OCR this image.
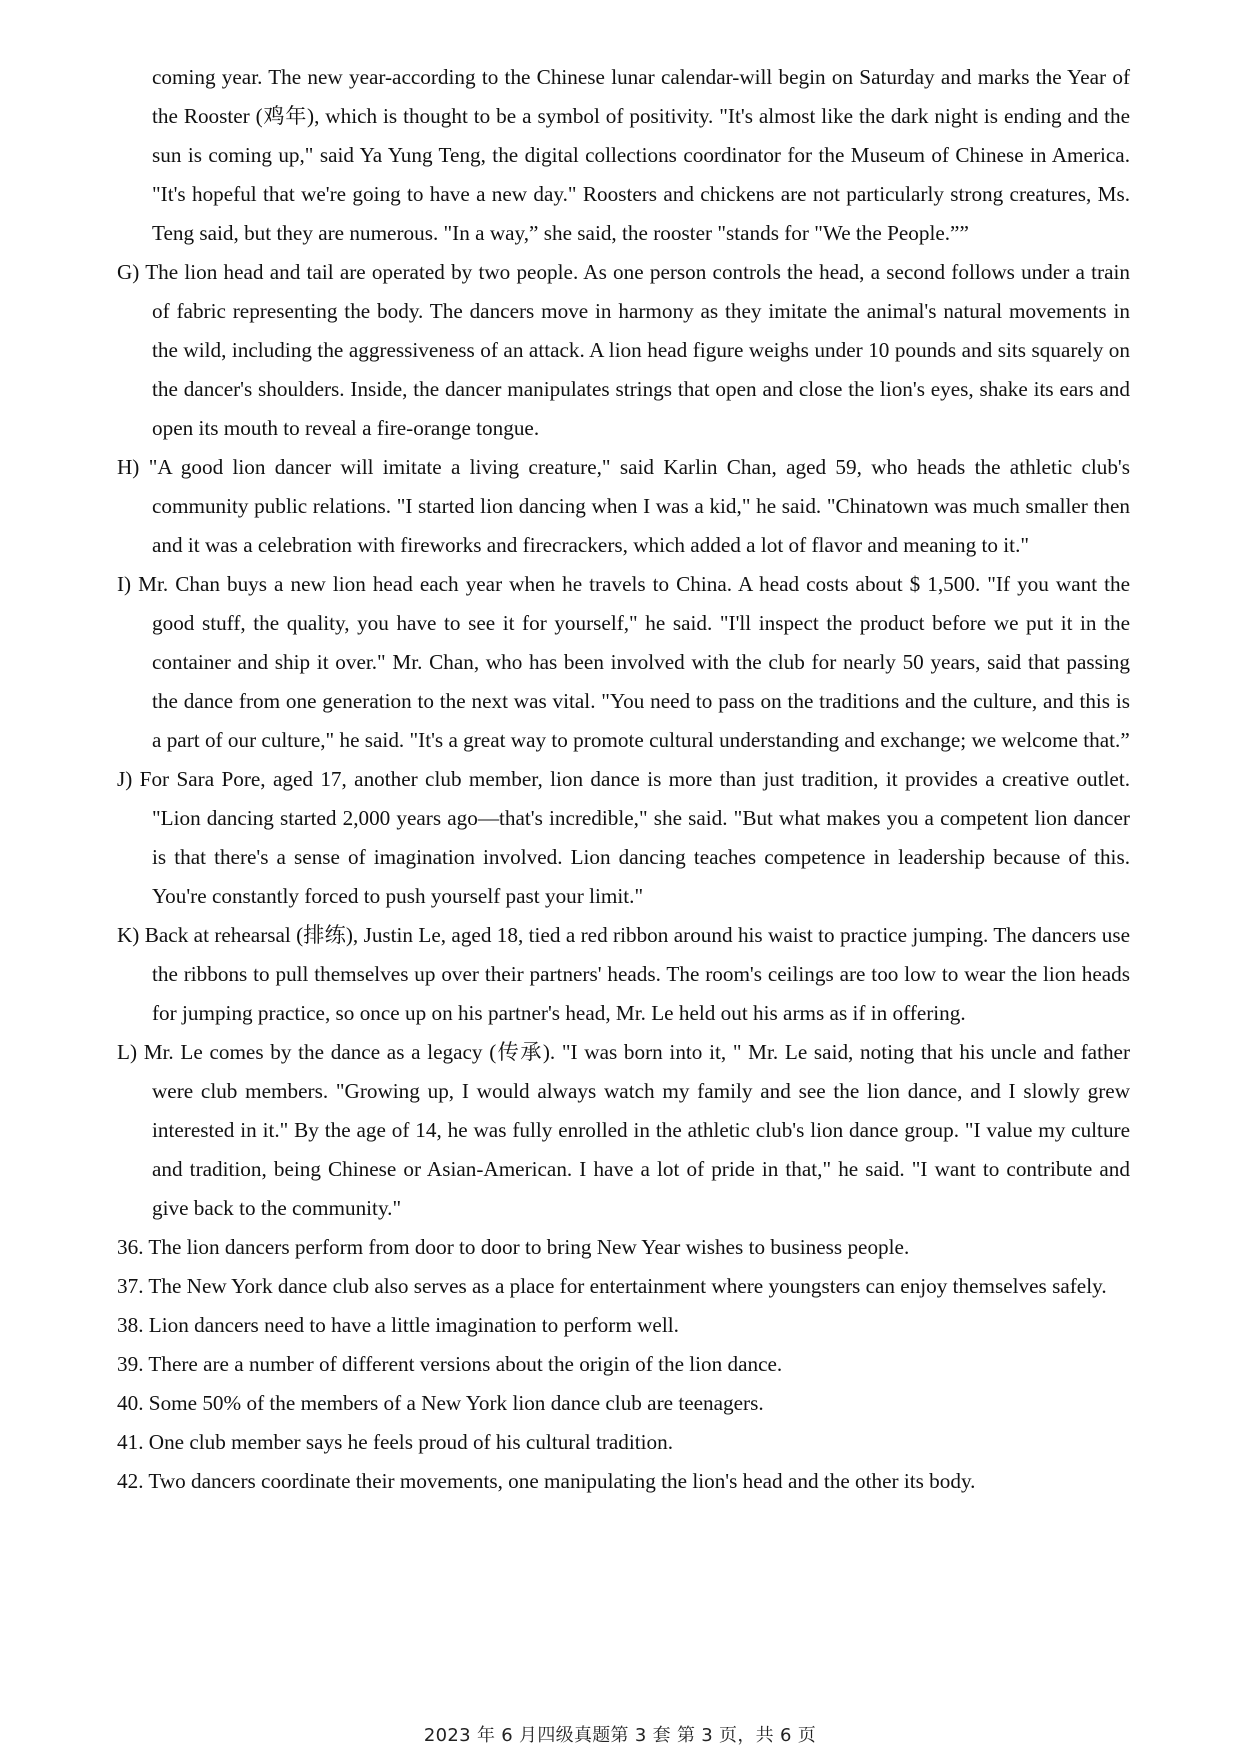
coming year. The new year-according to the Chinese lunar calendar-will begin on Saturday and marks the Year of the Rooster (鸡年), which is thought to be a symbol of positivity. "It's almost like the dark night is ending and the sun is coming up," said Ya Yung Teng, the digital collections coordinator for the Museum of Chinese in America. "It's hopeful that we're going to have a new day." Roosters and chickens are not particularly strong creatures, Ms. Teng said, but they are numerous. "In a way,” she said, the rooster "stands for "We the People.””

G) The lion head and tail are operated by two people. As one person controls the head, a second follows under a train of fabric representing the body. The dancers move in harmony as they imitate the animal's natural movements in the wild, including the aggressiveness of an attack. A lion head figure weighs under 10 pounds and sits squarely on the dancer's shoulders. Inside, the dancer manipulates strings that open and close the lion's eyes, shake its ears and open its mouth to reveal a fire-orange tongue.

H) "A good lion dancer will imitate a living creature," said Karlin Chan, aged 59, who heads the athletic club's community public relations. "I started lion dancing when I was a kid," he said. "Chinatown was much smaller then and it was a celebration with fireworks and firecrackers, which added a lot of flavor and meaning to it."

I) Mr. Chan buys a new lion head each year when he travels to China. A head costs about $ 1,500. "If you want the good stuff, the quality, you have to see it for yourself," he said. "I'll inspect the product before we put it in the container and ship it over." Mr. Chan, who has been involved with the club for nearly 50 years, said that passing the dance from one generation to the next was vital. "You need to pass on the traditions and the culture, and this is a part of our culture," he said. "It's a great way to promote cultural understanding and exchange; we welcome that.”

J) For Sara Pore, aged 17, another club member, lion dance is more than just tradition, it provides a creative outlet. "Lion dancing started 2,000 years ago—that's incredible," she said. "But what makes you a competent lion dancer is that there's a sense of imagination involved. Lion dancing teaches competence in leadership because of this. You're constantly forced to push yourself past your limit."

K) Back at rehearsal (排练), Justin Le, aged 18, tied a red ribbon around his waist to practice jumping. The dancers use the ribbons to pull themselves up over their partners' heads. The room's ceilings are too low to wear the lion heads for jumping practice, so once up on his partner's head, Mr. Le held out his arms as if in offering.

L) Mr. Le comes by the dance as a legacy (传承). "I was born into it, " Mr. Le said, noting that his uncle and father were club members. "Growing up, I would always watch my family and see the lion dance, and I slowly grew interested in it." By the age of 14, he was fully enrolled in the athletic club's lion dance group. "I value my culture and tradition, being Chinese or Asian-American. I have a lot of pride in that," he said. "I want to contribute and give back to the community."

36. The lion dancers perform from door to door to bring New Year wishes to business people.

37. The New York dance club also serves as a place for entertainment where youngsters can enjoy themselves safely.

38. Lion dancers need to have a little imagination to perform well.

39. There are a number of different versions about the origin of the lion dance.

40. Some 50% of the members of a New York lion dance club are teenagers.

41. One club member says he feels proud of his cultural tradition.

42. Two dancers coordinate their movements, one manipulating the lion's head and the other its body.

2023 年 6 月四级真题第 3 套 第 3 页，共 6 页
